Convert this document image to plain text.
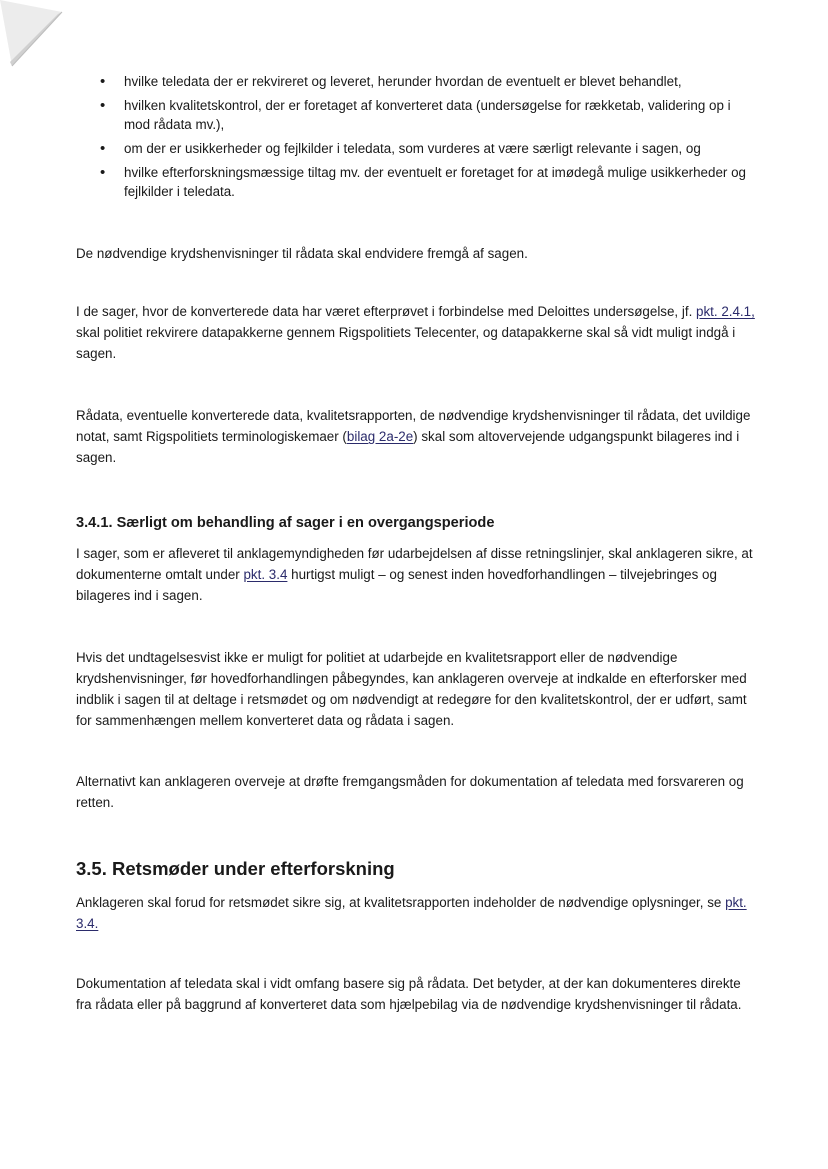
• hvilke teledata der er rekvireret og leveret, herunder hvordan de eventuelt er blevet behandlet,
• hvilken kvalitetskontrol, der er foretaget af konverteret data (undersøgelse for rækketab, validering op i mod rådata mv.),
• om der er usikkerheder og fejlkilder i teledata, som vurderes at være særligt relevante i sagen, og
• hvilke efterforskningsmæssige tiltag mv. der eventuelt er foretaget for at imødegå mulige usikkerheder og fejlkilder i teledata.

De nødvendige krydshenvisninger til rådata skal endvidere fremgå af sagen.

I de sager, hvor de konverterede data har været efterprøvet i forbindelse med Deloittes undersøgelse, jf. pkt. 2.4.1, skal politiet rekvirere datapakkerne gennem Rigspolitiets Telecenter, og datapakkerne skal så vidt muligt indgå i sagen.

Rådata, eventuelle konverterede data, kvalitetsrapporten, de nødvendige krydshenvisninger til rådata, det uvildige notat, samt Rigspolitiets terminologiskemaer (bilag 2a-2e) skal som altovervejende udgangspunkt bilageres ind i sagen.

3.4.1. Særligt om behandling af sager i en overgangsperiode

I sager, som er afleveret til anklagemyndigheden før udarbejdelsen af disse retningslinjer, skal anklageren sikre, at dokumenterne omtalt under pkt. 3.4 hurtigst muligt – og senest inden hovedforhandlingen – tilvejebringes og bilageres ind i sagen.

Hvis det undtagelsesvist ikke er muligt for politiet at udarbejde en kvalitetsrapport eller de nødvendige krydshenvisninger, før hovedforhandlingen påbegyndes, kan anklageren overveje at indkalde en efterforsker med indblik i sagen til at deltage i retsmødet og om nødvendigt at redegøre for den kvalitetskontrol, der er udført, samt for sammenhængen mellem konverteret data og rådata i sagen.

Alternativt kan anklageren overveje at drøfte fremgangsmåden for dokumentation af teledata med forsvareren og retten.

3.5. Retsmøder under efterforskning

Anklageren skal forud for retsmødet sikre sig, at kvalitetsrapporten indeholder de nødvendige oplysninger, se pkt. 3.4.

Dokumentation af teledata skal i vidt omfang basere sig på rådata. Det betyder, at der kan dokumenteres direkte fra rådata eller på baggrund af konverteret data som hjælpebilag via de nødvendige krydshenvisninger til rådata.
